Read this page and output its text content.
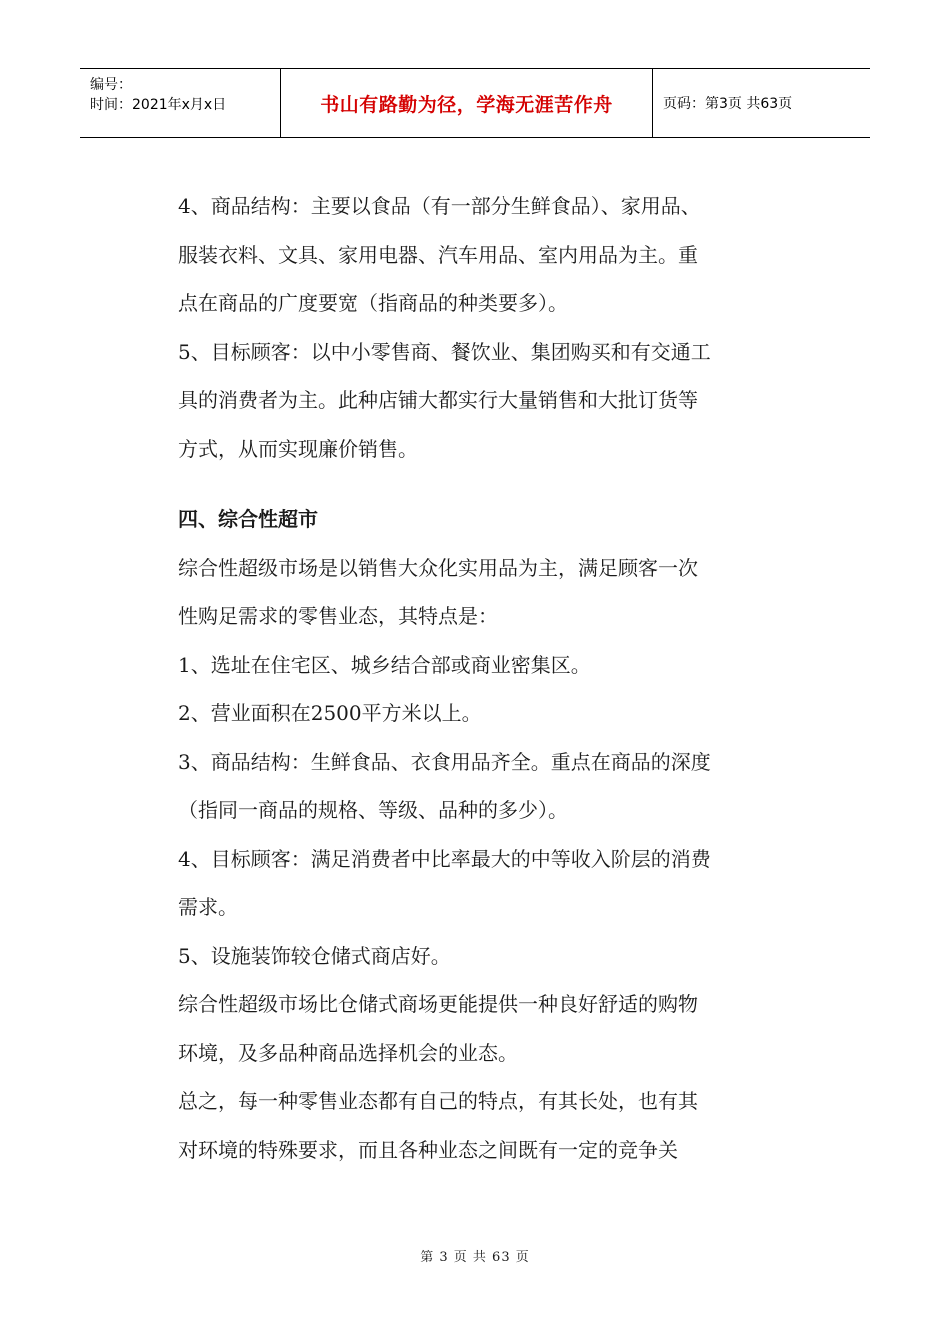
编号：
时间：2021年x月x日	书山有路勤为径，学海无涯苦作舟	页码：第3页 共63页

4、商品结构：主要以食品（有一部分生鲜食品）、家用品、

服装衣料、文具、家用电器、汽车用品、室内用品为主。重

点在商品的广度要宽（指商品的种类要多）。

5、目标顾客：以中小零售商、餐饮业、集团购买和有交通工

具的消费者为主。此种店铺大都实行大量销售和大批订货等

方式，从而实现廉价销售。

四、综合性超市

综合性超级市场是以销售大众化实用品为主，满足顾客一次

性购足需求的零售业态，其特点是：

1、选址在住宅区、城乡结合部或商业密集区。

2、营业面积在2500平方米以上。

3、商品结构：生鲜食品、衣食用品齐全。重点在商品的深度

（指同一商品的规格、等级、品种的多少）。

4、目标顾客：满足消费者中比率最大的中等收入阶层的消费

需求。

5、设施装饰较仓储式商店好。

综合性超级市场比仓储式商场更能提供一种良好舒适的购物

环境，及多品种商品选择机会的业态。

总之，每一种零售业态都有自己的特点，有其长处，也有其

对环境的特殊要求，而且各种业态之间既有一定的竞争关

第 3 页 共 63 页
